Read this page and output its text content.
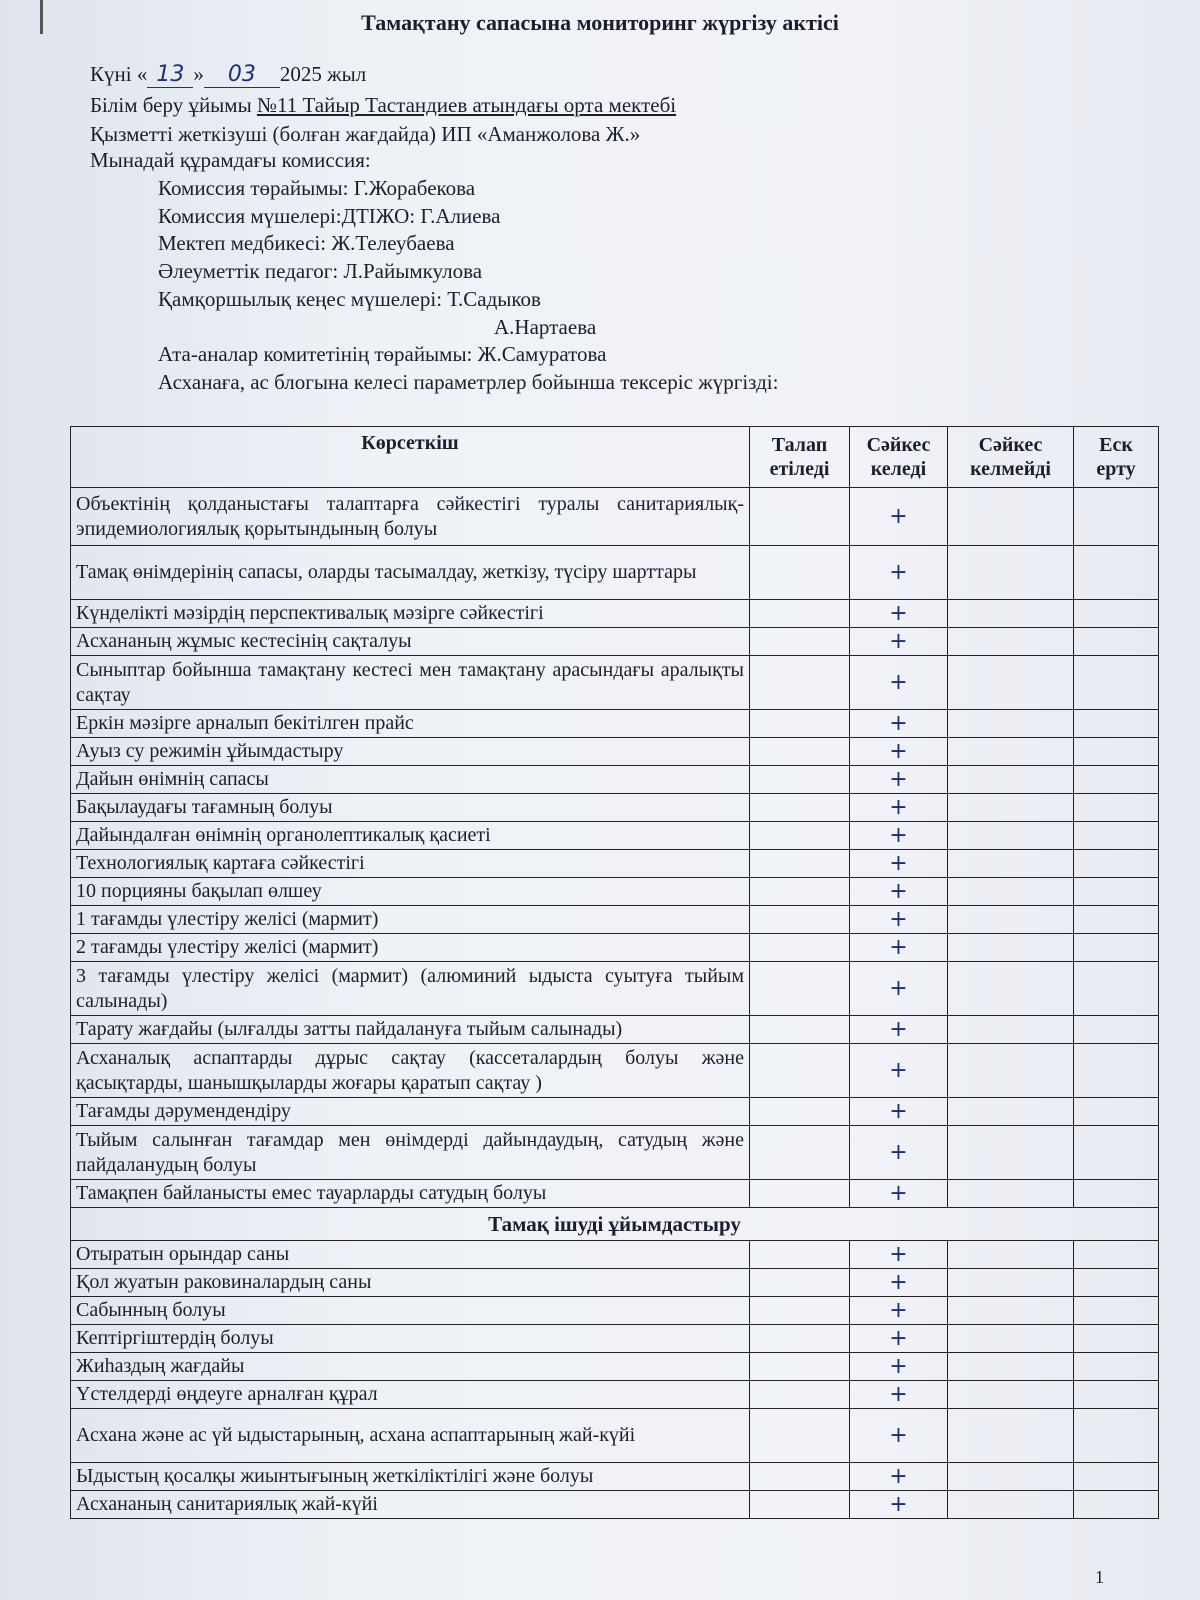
Тамақтану сапасына мониторинг жүргізу актісі
Күні « 13 » 03 2025 жыл
Білім беру ұйымы №11 Тайыр Тастандиев атындағы орта мектебі
Қызметті жеткізуші (болған жағдайда) ИП «Аманжолова Ж.»
Мынадай құрамдағы комиссия:
Комиссия төрайымы: Г.Жорабекова
Комиссия мүшелері:ДТІЖО: Г.Алиева
Мектеп медбикесі: Ж.Телеубаева
Әлеуметтік педагог: Л.Райымкулова
Қамқоршылық кеңес мүшелері: Т.Садыков
А.Нартаева
Ата-аналар комитетінің төрайымы: Ж.Самуратова
Асханаға, ас блогына келесі параметрлер бойынша тексеріс жүргізді:
Көрсеткіш	Талап етіледі	Сәйкес келеді	Сәйкес келмейді	Еск ерту
Объектінің қолданыстағы талаптарға сәйкестігі туралы санитариялық-эпидемиологиялық қорытындының болуы		+		
Тамақ өнімдерінің сапасы, оларды тасымалдау, жеткізу, түсіру шарттары		+		
Күнделікті мәзірдің перспективалық мәзірге сәйкестігі		+		
Асхананың жұмыс кестесінің сақталуы		+		
Сыныптар бойынша тамақтану кестесі мен тамақтану арасындағы аралықты сақтау		+		
Еркін мәзірге арналып бекітілген прайс		+		
Ауыз су режимін ұйымдастыру		+		
Дайын өнімнің сапасы		+		
Бақылаудағы тағамның болуы		+		
Дайындалған өнімнің органолептикалық қасиеті		+		
Технологиялық картаға сәйкестігі		+		
10 порцияны бақылап өлшеу		+		
1 тағамды үлестіру желісі (мармит)		+		
2 тағамды үлестіру желісі (мармит)		+		
3 тағамды үлестіру желісі (мармит) (алюминий ыдыста суытуға тыйым салынады)		+		
Тарату жағдайы (ылғалды затты пайдалануға тыйым салынады)		+		
Асханалық аспаптарды дұрыс сақтау (кассеталардың болуы және қасықтарды, шанышқыларды жоғары қаратып сақтау )		+		
Тағамды дәрумендендіру		+		
Тыйым салынған тағамдар мен өнімдерді дайындаудың, сатудың және пайдаланудың болуы		+		
Тамақпен байланысты емес тауарларды сатудың болуы		+		
Тамақ ішуді ұйымдастыру				
Отыратын орындар саны		+		
Қол жуатын раковиналардың саны		+		
Сабынның болуы		+		
Кептіргіштердің болуы		+		
Жиһаздың жағдайы		+		
Үстелдерді өңдеуге арналған құрал		+		
Асхана және ас үй ыдыстарының, асхана аспаптарының жай-күйі		+		
Ыдыстың қосалқы жиынтығының жеткіліктілігі және болуы		+		
Асхананың санитариялық жай-күйі		+		
1
